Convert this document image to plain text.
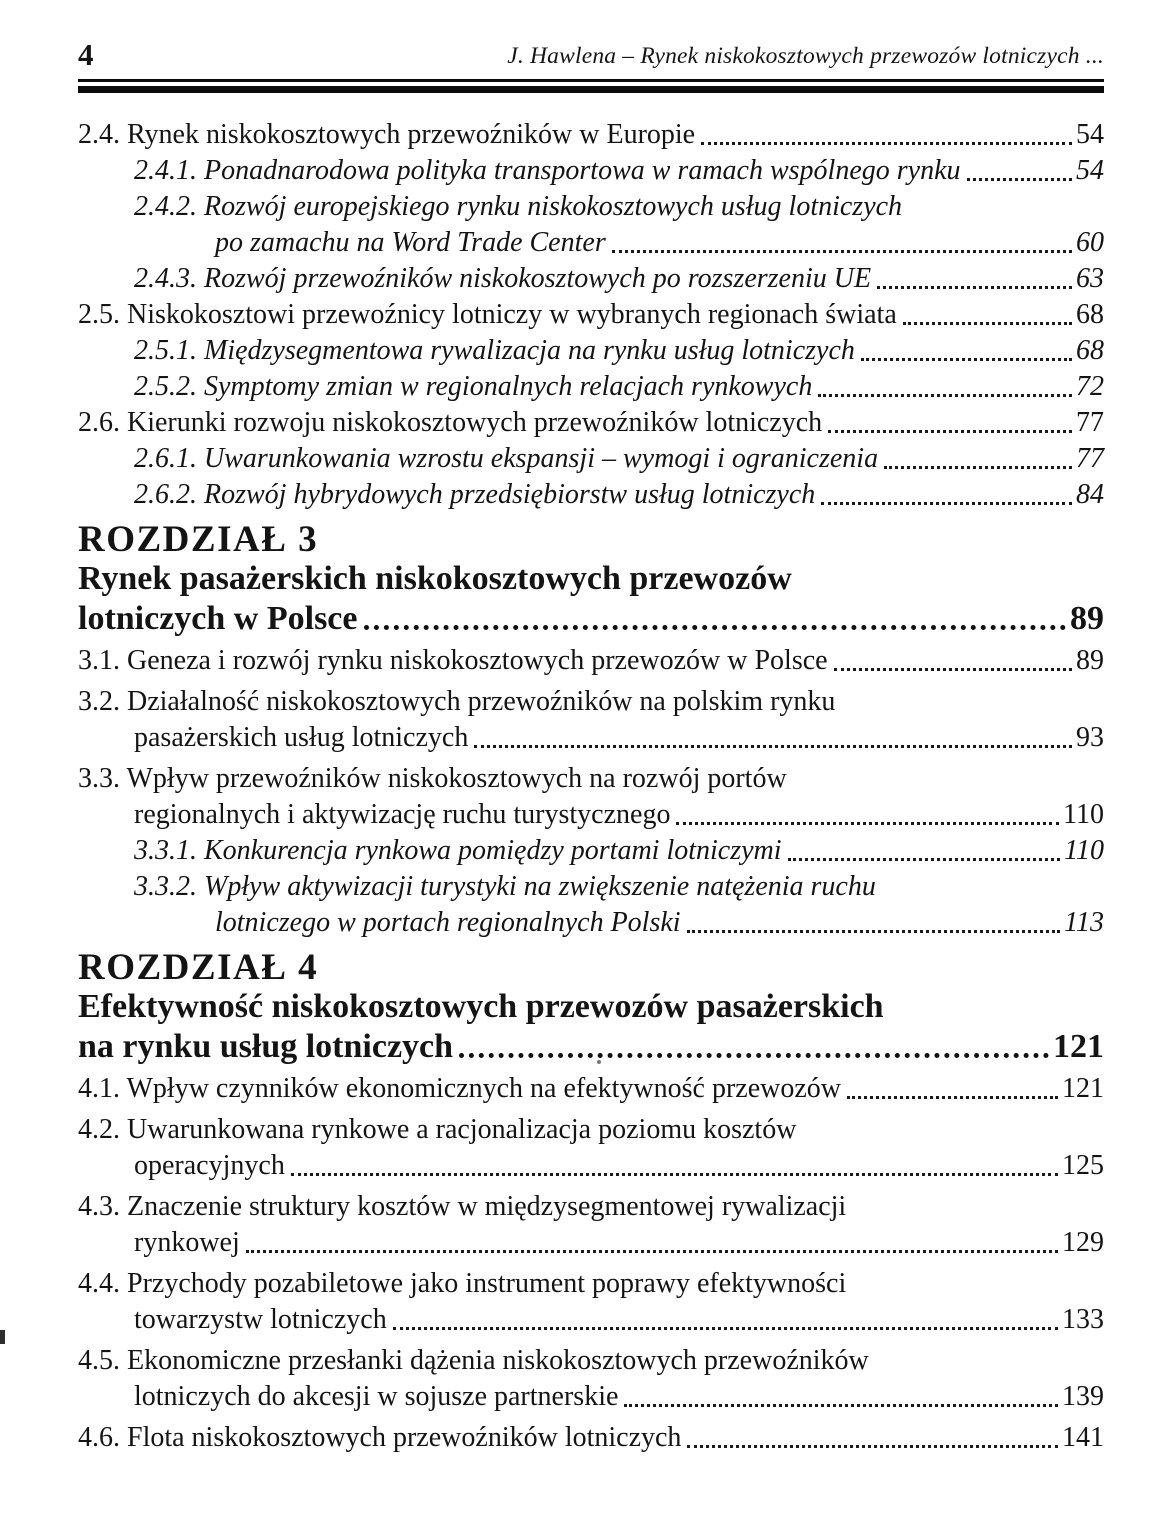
4	J. Hawlena – Rynek niskokosztowych przewozów lotniczych ...
2.4. Rynek niskokosztowych przewoźników w Europie	54
2.4.1. Ponadnarodowa polityka transportowa w ramach wspólnego rynku	54
2.4.2. Rozwój europejskiego rynku niskokosztowych usług lotniczych
po zamachu na Word Trade Center	60
2.4.3. Rozwój przewoźników niskokosztowych po rozszerzeniu UE	63
2.5. Niskokosztowi przewoźnicy lotniczy w wybranych regionach świata	68
2.5.1. Międzysegmentowa rywalizacja na rynku usług lotniczych	68
2.5.2. Symptomy zmian w regionalnych relacjach rynkowych	72
2.6. Kierunki rozwoju niskokosztowych przewoźników lotniczych	77
2.6.1. Uwarunkowania wzrostu ekspansji – wymogi i ograniczenia	77
2.6.2. Rozwój hybrydowych przedsiębiorstw usług lotniczych	84
ROZDZIAŁ 3
Rynek pasażerskich niskokosztowych przewozów
lotniczych w Polsce	89
3.1. Geneza i rozwój rynku niskokosztowych przewozów w Polsce	89
3.2. Działalność niskokosztowych przewoźników na polskim rynku
pasażerskich usług lotniczych	93
3.3. Wpływ przewoźników niskokosztowych na rozwój portów
regionalnych i aktywizację ruchu turystycznego	110
3.3.1. Konkurencja rynkowa pomiędzy portami lotniczymi	110
3.3.2. Wpływ aktywizacji turystyki na zwiększenie natężenia ruchu
lotniczego w portach regionalnych Polski	113
ROZDZIAŁ 4
Efektywność niskokosztowych przewozów pasażerskich
na rynku usług lotniczych	121
4.1. Wpływ czynników ekonomicznych na efektywność przewozów	121
4.2. Uwarunkowana rynkowe a racjonalizacja poziomu kosztów
operacyjnych	125
4.3. Znaczenie struktury kosztów w międzysegmentowej rywalizacji
rynkowej	129
4.4. Przychody pozabiletowe jako instrument poprawy efektywności
towarzystw lotniczych	133
4.5. Ekonomiczne przesłanki dążenia niskokosztowych przewoźników
lotniczych do akcesji w sojusze partnerskie	139
4.6. Flota niskokosztowych przewoźników lotniczych	141
